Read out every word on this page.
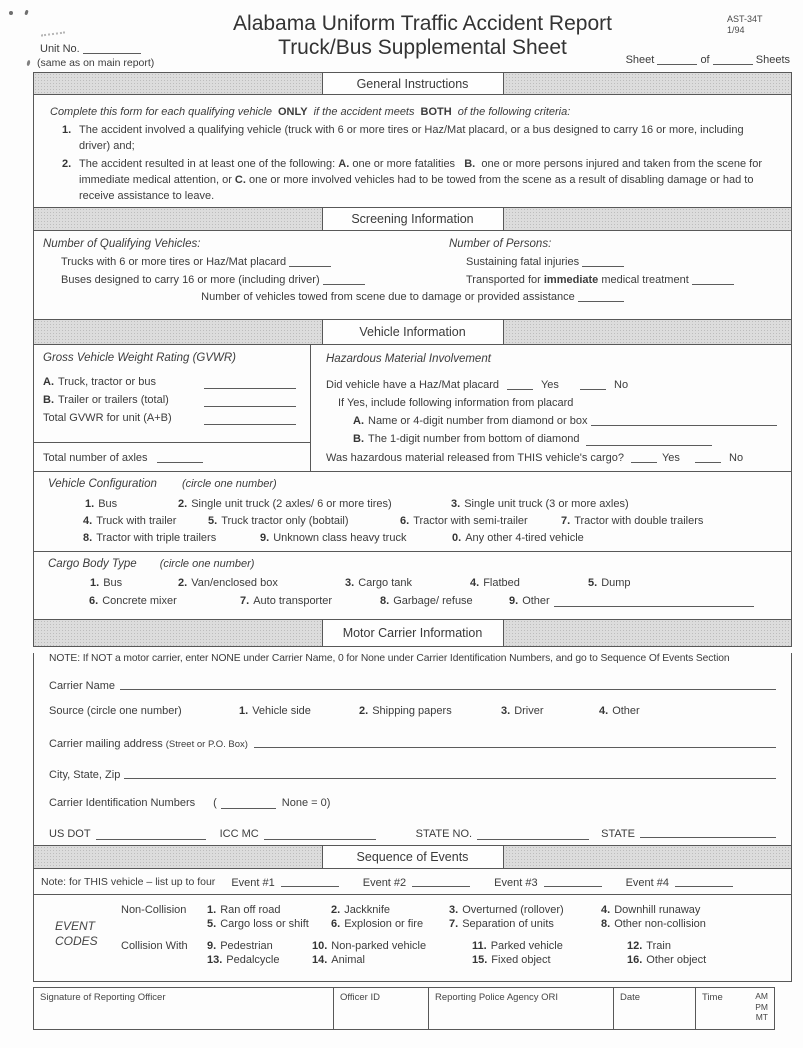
Unit No.
(same as on main report)
Alabama Uniform Traffic Accident Report
Truck/Bus Supplemental Sheet
AST-34T
1/94
Sheet	of	Sheets
General Instructions
Complete this form for each qualifying vehicle ONLY if the accident meets BOTH of the following criteria:
1. The accident involved a qualifying vehicle (truck with 6 or more tires or Haz/Mat placard, or a bus designed to carry 16 or more, including driver) and;
2. The accident resulted in at least one of the following: A. one or more fatalities B. one or more persons injured and taken from the scene for immediate medical attention, or C. one or more involved vehicles had to be towed from the scene as a result of disabling damage or had to receive assistance to leave.
Screening Information
Number of Qualifying Vehicles:
Trucks with 6 or more tires or Haz/Mat placard
Buses designed to carry 16 or more (including driver)
Number of Persons:
Sustaining fatal injuries
Transported for immediate medical treatment
Number of vehicles towed from scene due to damage or provided assistance
Vehicle Information
Gross Vehicle Weight Rating (GVWR)
A. Truck, tractor or bus
B. Trailer or trailers (total)
Total GVWR for unit (A+B)
Total number of axles
Hazardous Material Involvement
Did vehicle have a Haz/Mat placard	Yes	No
If Yes, include following information from placard
A. Name or 4-digit number from diamond or box
B. The 1-digit number from bottom of diamond
Was hazardous material released from THIS vehicle's cargo?	Yes	No
Vehicle Configuration (circle one number)
1. Bus	2. Single unit truck (2 axles/ 6 or more tires)	3. Single unit truck (3 or more axles)
4. Truck with trailer	5. Truck tractor only (bobtail)	6. Tractor with semi-trailer	7. Tractor with double trailers
8. Tractor with triple trailers	9. Unknown class heavy truck	0. Any other 4-tired vehicle
Cargo Body Type (circle one number)
1. Bus	2. Van/enclosed box	3. Cargo tank	4. Flatbed	5. Dump
6. Concrete mixer	7. Auto transporter	8. Garbage/ refuse	9. Other
Motor Carrier Information
NOTE: If NOT a motor carrier, enter NONE under Carrier Name, 0 for None under Carrier Identification Numbers, and go to Sequence Of Events Section
Carrier Name
Source (circle one number)	1. Vehicle side	2. Shipping papers	3. Driver	4. Other
Carrier mailing address (Street or P.O. Box)
City, State, Zip
Carrier Identification Numbers (	None = 0)
US DOT	ICC MC	STATE NO.	STATE
Sequence of Events
Note: for THIS vehicle – list up to four Event #1	Event #2	Event #3	Event #4
EVENT
CODES
Non-Collision	1. Ran off road	2. Jackknife	3. Overturned (rollover)	4. Downhill runaway
5. Cargo loss or shift	6. Explosion or fire	7. Separation of units	8. Other non-collision
Collision With	9. Pedestrian	10. Non-parked vehicle	11. Parked vehicle	12. Train
13. Pedalcycle	14. Animal	15. Fixed object	16. Other object
Signature of Reporting Officer	Officer ID	Reporting Police Agency ORI	Date	Time	AM
PM
MT
